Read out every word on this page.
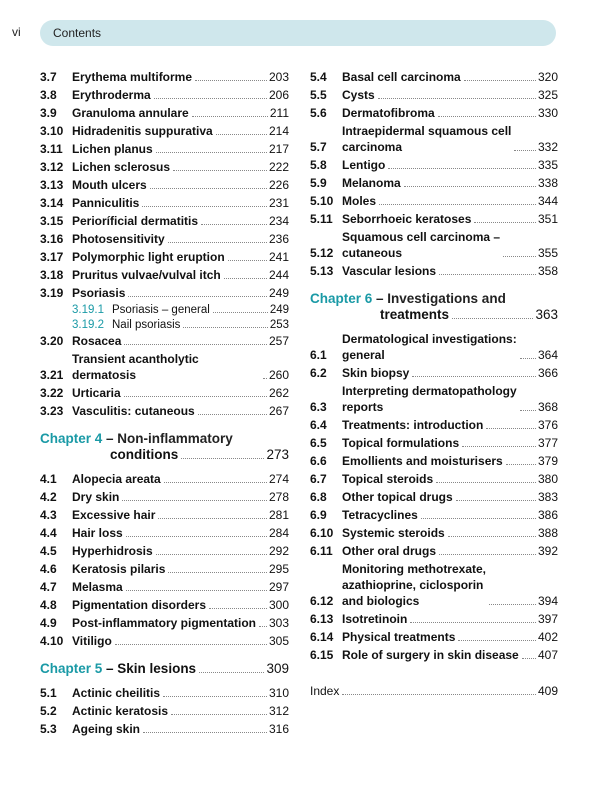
vi	Contents
3.7	Erythema multiforme	203
3.8	Erythroderma	206
3.9	Granuloma annulare	211
3.10 Hidradenitis suppurativa	214
3.11 Lichen planus	217
3.12 Lichen sclerosus	222
3.13 Mouth ulcers	226
3.14 Panniculitis	231
3.15 Perioríficial dermatitis	234
3.16 Photosensitivity	236
3.17 Polymorphic light eruption	241
3.18 Pruritus vulvae/vulval itch	244
3.19 Psoriasis	249
3.19.1 Psoriasis – general	249
3.19.2 Nail psoriasis	253
3.20 Rosacea	257
3.21
Transient acantholytic dermatosis	260
3.22 Urticaria	262
3.23 Vasculitis: cutaneous	267
Chapter 4 – Non-inflammatory
conditions	273
4.1	Alopecia areata	274
4.2	Dry skin	278
4.3	Excessive hair	281
4.4	Hair loss	284
4.5	Hyperhidrosis	292
4.6	Keratosis pilaris	295
4.7	Melasma	297
4.8	Pigmentation disorders	300
4.9	Post-inflammatory pigmentation 303
4.10 Vitiligo	305
Chapter 5 – Skin lesions	309
5.1	Actinic cheilitis	310
5.2	Actinic keratosis	312
5.3	Ageing skin	316
5.4	Basal cell carcinoma	320
5.5	Cysts	325
5.6	Dermatofibroma	330
5.7
Intraepidermal squamous cell
carcinoma	332
5.8	Lentigo	335
5.9	Melanoma	338
5.10 Moles	344
5.11 Seborrhoeic keratoses	351
5.12
Squamous cell carcinoma –
cutaneous	355
5.13 Vascular lesions	358
Chapter 6 – Investigations and
treatments	363
6.1
Dermatological investigations:
general	364
6.2	Skin biopsy	366
6.3
Interpreting dermatopathology
reports	368
6.4	Treatments: introduction	376
6.5	Topical formulations	377
6.6	Emollients and moisturisers	379
6.7	Topical steroids	380
6.8	Other topical drugs	383
6.9	Tetracyclines	386
6.10 Systemic steroids	388
6.11 Other oral drugs	392
6.12
Monitoring methotrexate,
azathioprine, ciclosporin
and biologics	394
6.13 Isotretinoin	397
6.14 Physical treatments	402
6.15 Role of surgery in skin disease 407
Index	409
